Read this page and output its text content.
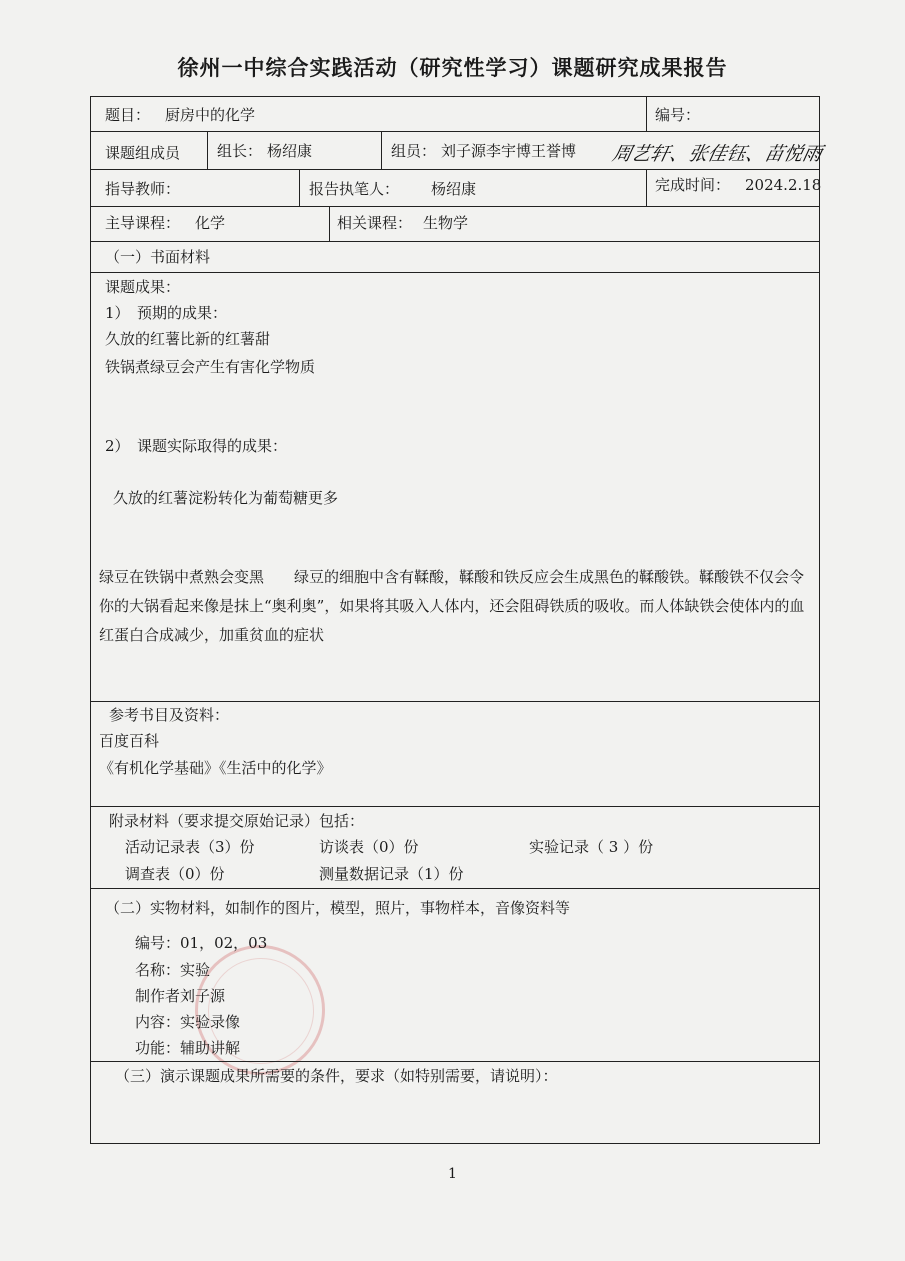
徐州一中综合实践活动（研究性学习）课题研究成果报告
题目： 厨房中的化学	编号：
课题组成员 组长： 杨绍康	组员： 刘子源李宇博王誉博 周艺轩、张佳钰、苗悦雨
指导教师：	报告执笔人： 杨绍康	完成时间： 2024.2.18
主导课程： 化学	相关课程： 生物学
（一）书面材料
课题成果：
1）　预期的成果：
久放的红薯比新的红薯甜
铁锅煮绿豆会产生有害化学物质
2）　课题实际取得的成果：
久放的红薯淀粉转化为葡萄糖更多
绿豆在铁锅中煮熟会变黑　　绿豆的细胞中含有鞣酸，鞣酸和铁反应会生成黑色的鞣酸铁。鞣酸铁不仅会令你的大锅看起来像是抹上“奥利奥”，如果将其吸入人体内，还会阻碍铁质的吸收。而人体缺铁会使体内的血红蛋白合成减少，加重贫血的症状
参考书目及资料：
百度百科
《有机化学基础》《生活中的化学》
附录材料（要求提交原始记录）包括：
活动记录表（3）份	访谈表（0）份	实验记录（ 3 ）份
调查表（0）份	测量数据记录（1）份
（二）实物材料，如制作的图片，模型，照片，事物样本，音像资料等
编号：01，02，03
名称：实验
制作者刘子源
内容：实验录像
功能：辅助讲解
（三）演示课题成果所需要的条件，要求（如特别需要，请说明）：
1
